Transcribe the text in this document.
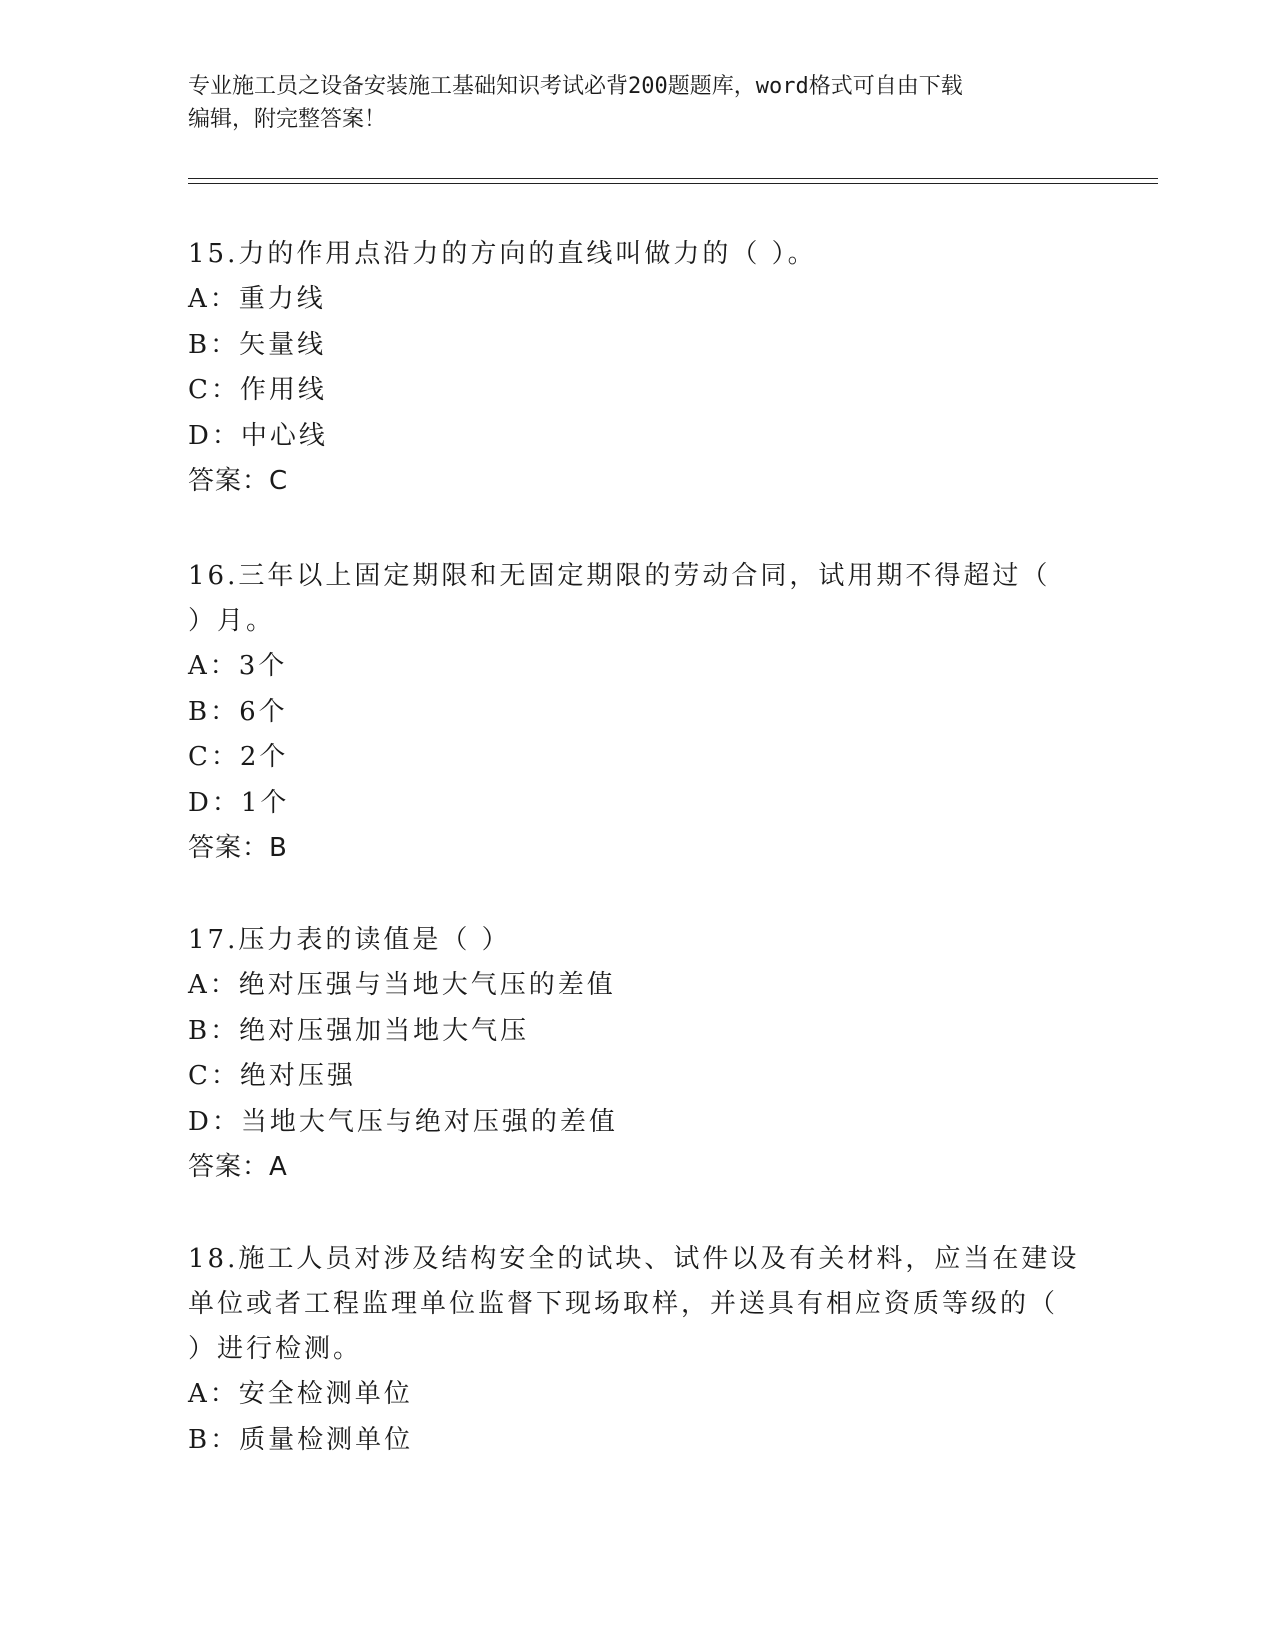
专业施工员之设备安装施工基础知识考试必背200题题库，word格式可自由下载
编辑，附完整答案！

15.力的作用点沿力的方向的直线叫做力的（ ）。

A：重力线

B：矢量线

C：作用线

D：中心线

答案：C

16.三年以上固定期限和无固定期限的劳动合同，试用期不得超过（

）月。

A：3个

B：6个

C：2个

D：1个

答案：B

17.压力表的读值是（ ）

A：绝对压强与当地大气压的差值

B：绝对压强加当地大气压

C：绝对压强

D：当地大气压与绝对压强的差值

答案：A

18.施工人员对涉及结构安全的试块、试件以及有关材料，应当在建设

单位或者工程监理单位监督下现场取样，并送具有相应资质等级的（

）进行检测。

A：安全检测单位

B：质量检测单位
